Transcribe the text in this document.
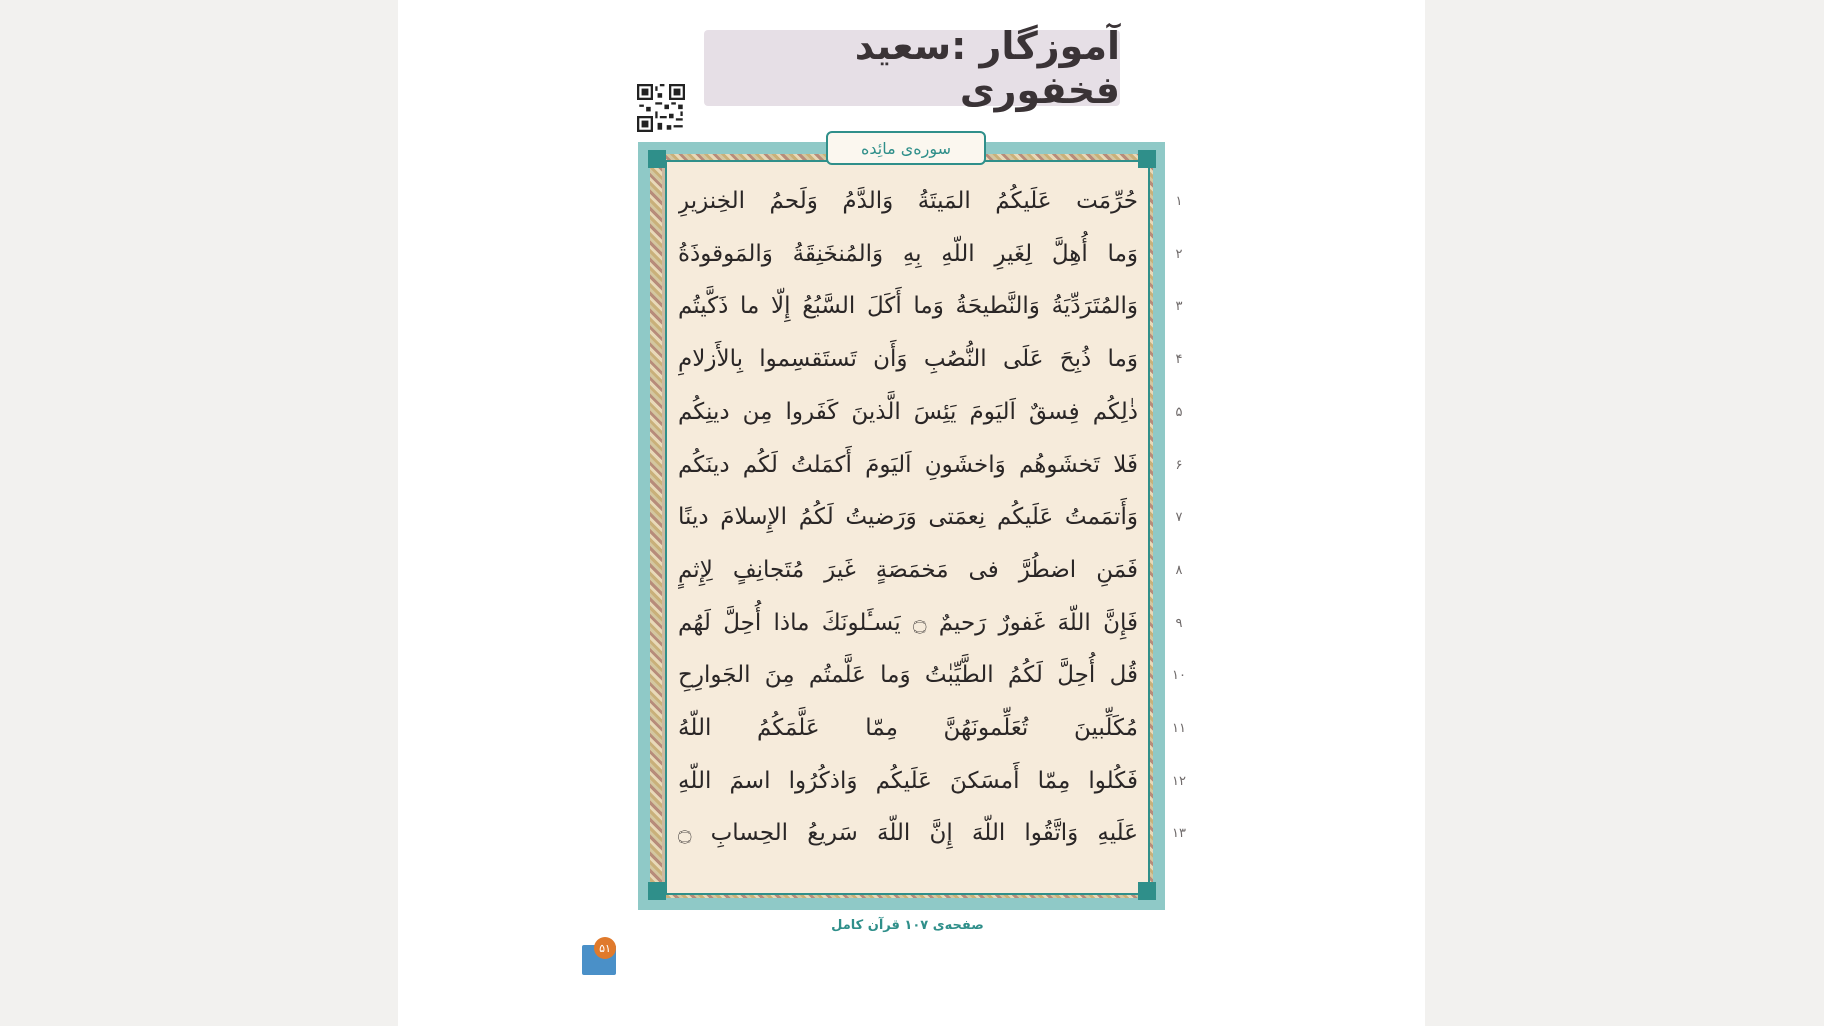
آموزگار :سعید فخفوری
سوره‌ی مائِده
حُرِّمَت عَلَیکُمُ المَیتَةُ وَالدَّمُ وَلَحمُ الخِنزیرِ	۱
وَما أُهِلَّ لِغَیرِ اللّهِ بِهِ وَالمُنخَنِقَةُ وَالمَوقوذَةُ	۲
وَالمُتَرَدِّیَةُ وَالنَّطیحَةُ وَما أَكَلَ السَّبُعُ إِلّا ما ذَكَّیتُم	۳
وَما ذُبِحَ عَلَى النُّصُبِ وَأَن تَستَقسِموا بِالأَزلامِ	۴
ذٰلِكُم فِسقٌ اَلیَومَ یَئِسَ الَّذینَ كَفَروا مِن دینِكُم	۵
فَلا تَخشَوهُم وَاخشَونِ اَلیَومَ أَكمَلتُ لَكُم دینَكُم	۶
وَأَتمَمتُ عَلَیكُم نِعمَتی وَرَضیتُ لَكُمُ الإِسلامَ دینًا	۷
فَمَنِ اضطُرَّ فی مَخمَصَةٍ غَیرَ مُتَجانِفٍ لِإِثمٍ	۸
فَإِنَّ اللّهَ غَفورٌ رَحیمٌ ۝ یَسـَٔلونَكَ ماذا أُحِلَّ لَهُم	۹
قُل أُحِلَّ لَكُمُ الطَّیِّبٰتُ وَما عَلَّمتُم مِنَ الجَوارِحِ	۱۰
مُكَلِّبینَ تُعَلِّمونَهُنَّ مِمّا عَلَّمَكُمُ اللّهُ	۱۱
فَكُلوا مِمّا أَمسَكنَ عَلَیكُم وَاذكُرُوا اسمَ اللّهِ	۱۲
عَلَیهِ وَاتَّقُوا اللّهَ إِنَّ اللّهَ سَریعُ الحِسابِ ۝	۱۳
صفحه‌ی ۱۰۷ قرآن کامل
۵۱
